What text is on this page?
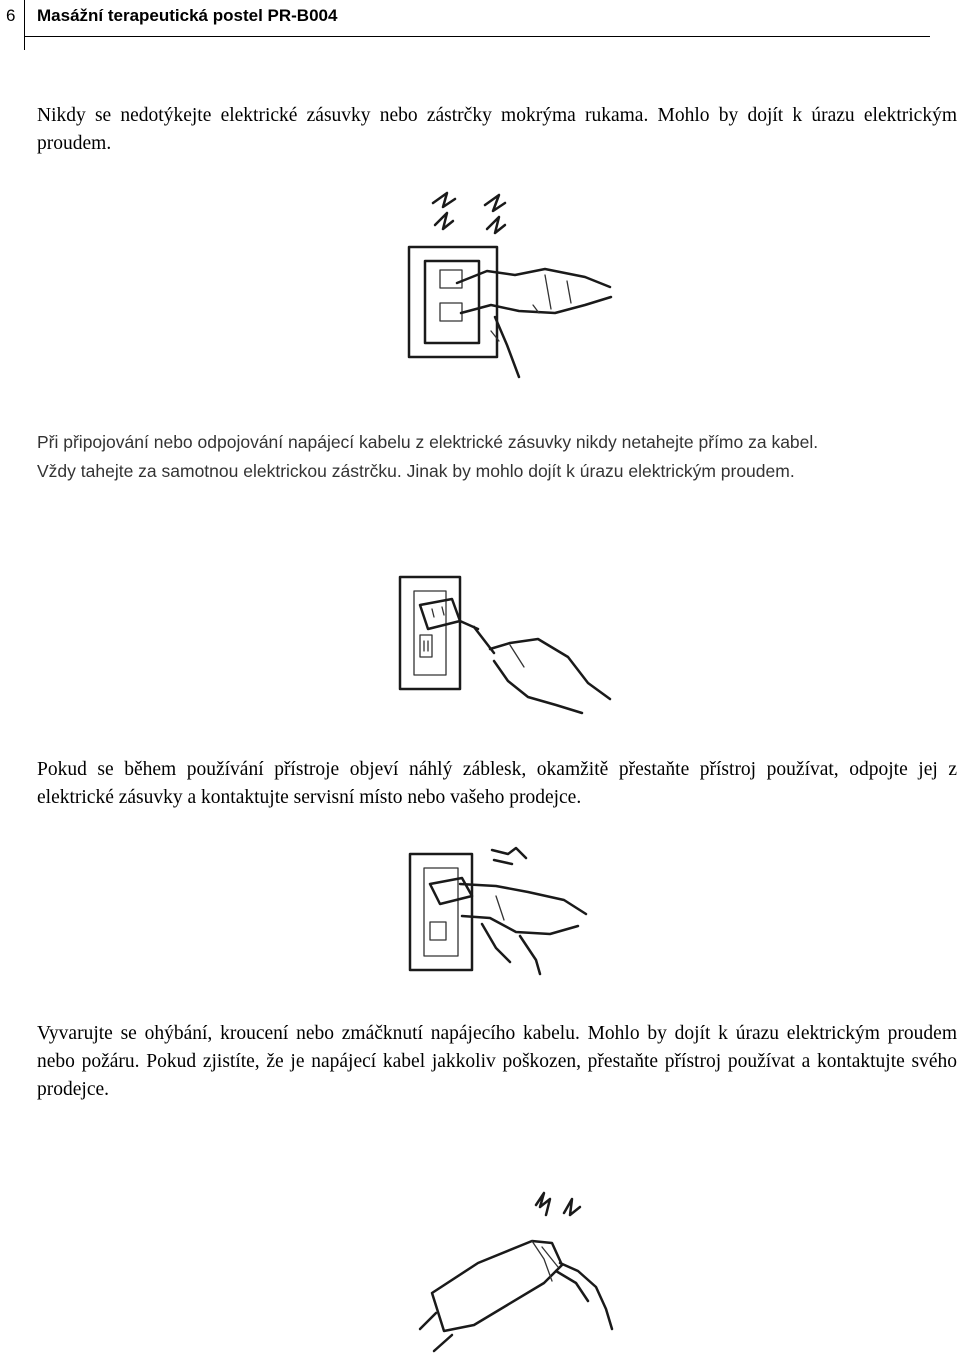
6 Masážní terapeutická postel PR-B004

Nikdy se nedotýkejte elektrické zásuvky nebo zástrčky mokrýma rukama. Mohlo by dojít k úrazu elektrickým proudem.

Při připojování nebo odpojování napájecí kabelu z elektrické zásuvky nikdy netahejte přímo za kabel.

Vždy tahejte za samotnou elektrickou zástrčku. Jinak by mohlo dojít k úrazu elektrickým proudem.

Pokud se během používání přístroje objeví náhlý záblesk, okamžitě přestaňte přístroj používat, odpojte jej z elektrické zásuvky a kontaktujte servisní místo nebo vašeho prodejce.

Vyvarujte se ohýbání, kroucení nebo zmáčknutí napájecího kabelu. Mohlo by dojít k úrazu elektrickým proudem nebo požáru. Pokud zjistíte, že je napájecí kabel jakkoliv poškozen, přestaňte přístroj používat a kontaktujte svého prodejce.
